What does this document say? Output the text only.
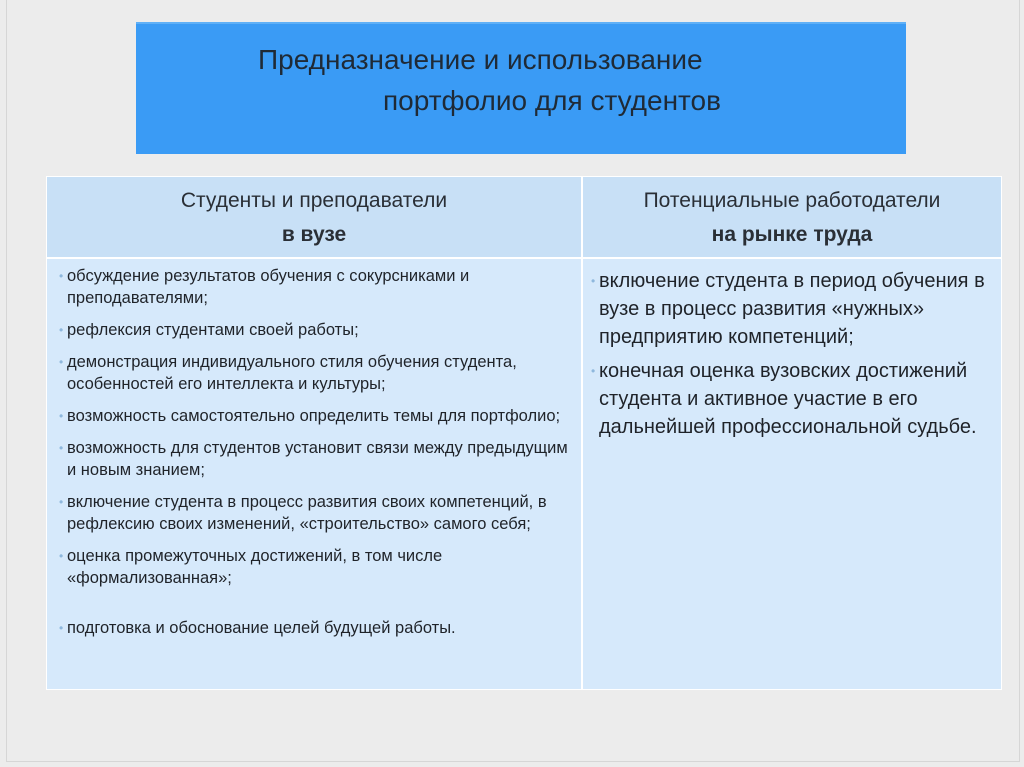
Предназначение и использование
портфолио для студентов
Студенты и преподаватели
в вузе
Потенциальные работодатели
на рынке труда
• обсуждение результатов обучения с сокурсниками и преподавателями;
• рефлексия студентами своей работы;
• демонстрация индивидуального стиля обучения студента, особенностей его интеллекта и культуры;
• возможность самостоятельно определить темы для портфолио;
• возможность для студентов установит связи между предыдущим и новым знанием;
• включение студента в процесс развития своих компетенций, в рефлексию своих изменений, «строительство» самого себя;
• оценка промежуточных достижений, в том числе «формализованная»;
• подготовка и обоснование целей будущей работы.
• включение студента в период обучения в вузе в процесс развития «нужных» предприятию компетенций;
• конечная оценка вузовских достижений студента и активное участие в его дальнейшей профессиональной судьбе.
